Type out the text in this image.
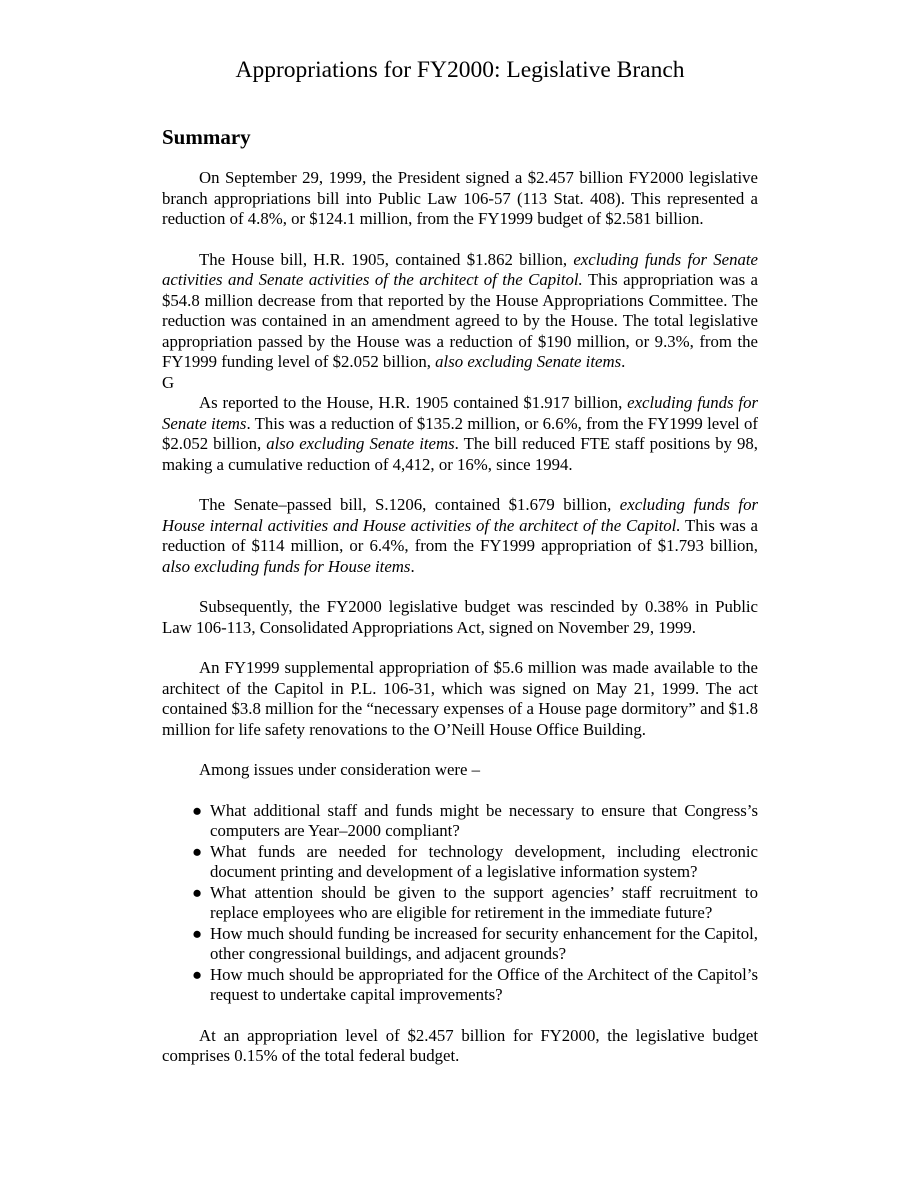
Appropriations for FY2000: Legislative Branch
Summary

On September 29, 1999, the President signed a $2.457 billion FY2000 legislative branch appropriations bill into Public Law 106-57 (113 Stat. 408). This represented a reduction of 4.8%, or $124.1 million, from the FY1999 budget of $2.581 billion.

The House bill, H.R. 1905, contained $1.862 billion, excluding funds for Senate activities and Senate activities of the architect of the Capitol. This appropriation was a $54.8 million decrease from that reported by the House Appropriations Committee. The reduction was contained in an amendment agreed to by the House. The total legislative appropriation passed by the House was a reduction of $190 million, or 9.3%, from the FY1999 funding level of $2.052 billion, also excluding Senate items.

G

As reported to the House, H.R. 1905 contained $1.917 billion, excluding funds for Senate items. This was a reduction of $135.2 million, or 6.6%, from the FY1999 level of $2.052 billion, also excluding Senate items. The bill reduced FTE staff positions by 98, making a cumulative reduction of 4,412, or 16%, since 1994.

The Senate–passed bill, S.1206, contained $1.679 billion, excluding funds for House internal activities and House activities of the architect of the Capitol. This was a reduction of $114 million, or 6.4%, from the FY1999 appropriation of $1.793 billion, also excluding funds for House items.

Subsequently, the FY2000 legislative budget was rescinded by 0.38% in Public Law 106-113, Consolidated Appropriations Act, signed on November 29, 1999.

An FY1999 supplemental appropriation of $5.6 million was made available to the architect of the Capitol in P.L. 106-31, which was signed on May 21, 1999. The act contained $3.8 million for the “necessary expenses of a House page dormitory” and $1.8 million for life safety renovations to the O’Neill House Office Building.

Among issues under consideration were –

● What additional staff and funds might be necessary to ensure that Congress’s computers are Year–2000 compliant?
● What funds are needed for technology development, including electronic document printing and development of a legislative information system?
● What attention should be given to the support agencies’ staff recruitment to replace employees who are eligible for retirement in the immediate future?
● How much should funding be increased for security enhancement for the Capitol, other congressional buildings, and adjacent grounds?
● How much should be appropriated for the Office of the Architect of the Capitol’s request to undertake capital improvements?

At an appropriation level of $2.457 billion for FY2000, the legislative budget comprises 0.15% of the total federal budget.
